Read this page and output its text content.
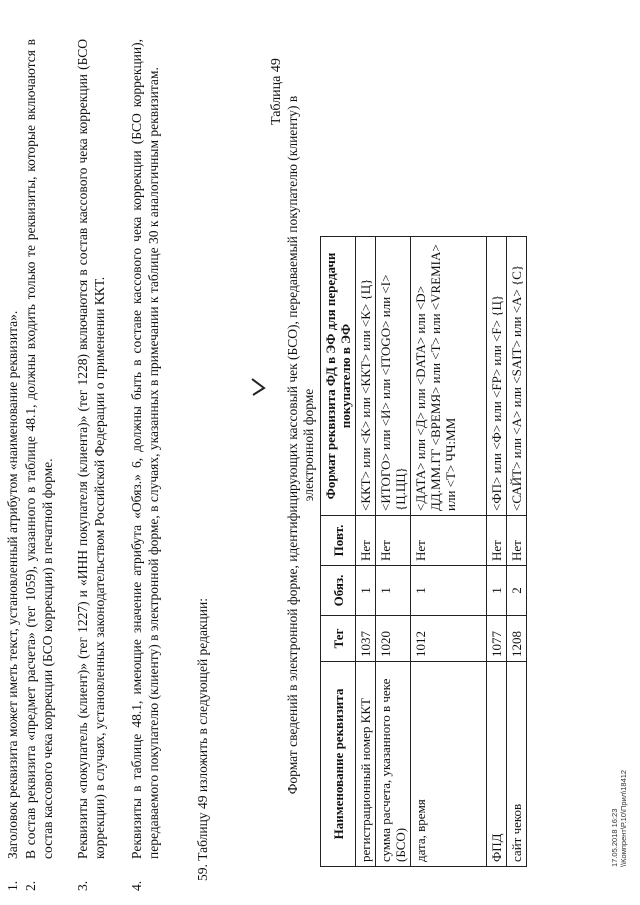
1.
Заголовок реквизита может иметь текст, установленный атрибутом «наименование реквизита».
2.
В состав реквизита «предмет расчета» (тег 1059), указанного в таблице 48.1, должны входить только те реквизиты, которые включаются в состав кассового чека коррекции (БСО коррекции) в печатной форме.
3.
Реквизиты «покупатель (клиент)» (тег 1227) и «ИНН покупателя (клиента)» (тег 1228) включаются в состав кассового чека коррекции (БСО коррекции) в случаях, установленных законодательством Российской Федерации о применении ККТ.
4.
Реквизиты в таблице 48.1, имеющие значение атрибута «Обяз.» 6, должны быть в составе кассового чека коррекции (БСО коррекции), передаваемого покупателю (клиенту) в электронной форме, в случаях, указанных в примечании к таблице 30 к аналогичным реквизитам.	59. Таблицу 49 изложить в следующей редакции:
Таблица 49
Формат сведений в электронной форме, идентифицирующих кассовый чек (БСО), передаваемый покупателю (клиенту) в электронной форме
Наименование реквизита	Тег	Обяз.	Повт.	Формат реквизита ФД в ЭФ для передачи покупателю в ЭФ
регистрационный номер ККТ	1037	1	Нет	<ККТ> или <К> или <ККТ> или <К> {Ц}
сумма расчета, указанного в чеке (БСО)	1020	1	Нет	<ИТОГО> или <И> или <ITOGO> или <I> {Ц.ЦЦ}
дата, время	1012	1	Нет	<ДАТА> или <Д> или <DATA> или <D> ДД.ММ.ГГ <ВРЕМЯ> или <Т> или <VREMIA> или <T> ЧЧ:ММ
ФПД	1077	1	Нет	<ФП> или <Ф> или <FP> или <F> {Ц}
сайт чеков	1208	2	Нет	<САЙТ> или <А> или <SAIT> или <A> {С}
17.05.2018 16:23 \\Компрент\Р.10\Прил\18412
